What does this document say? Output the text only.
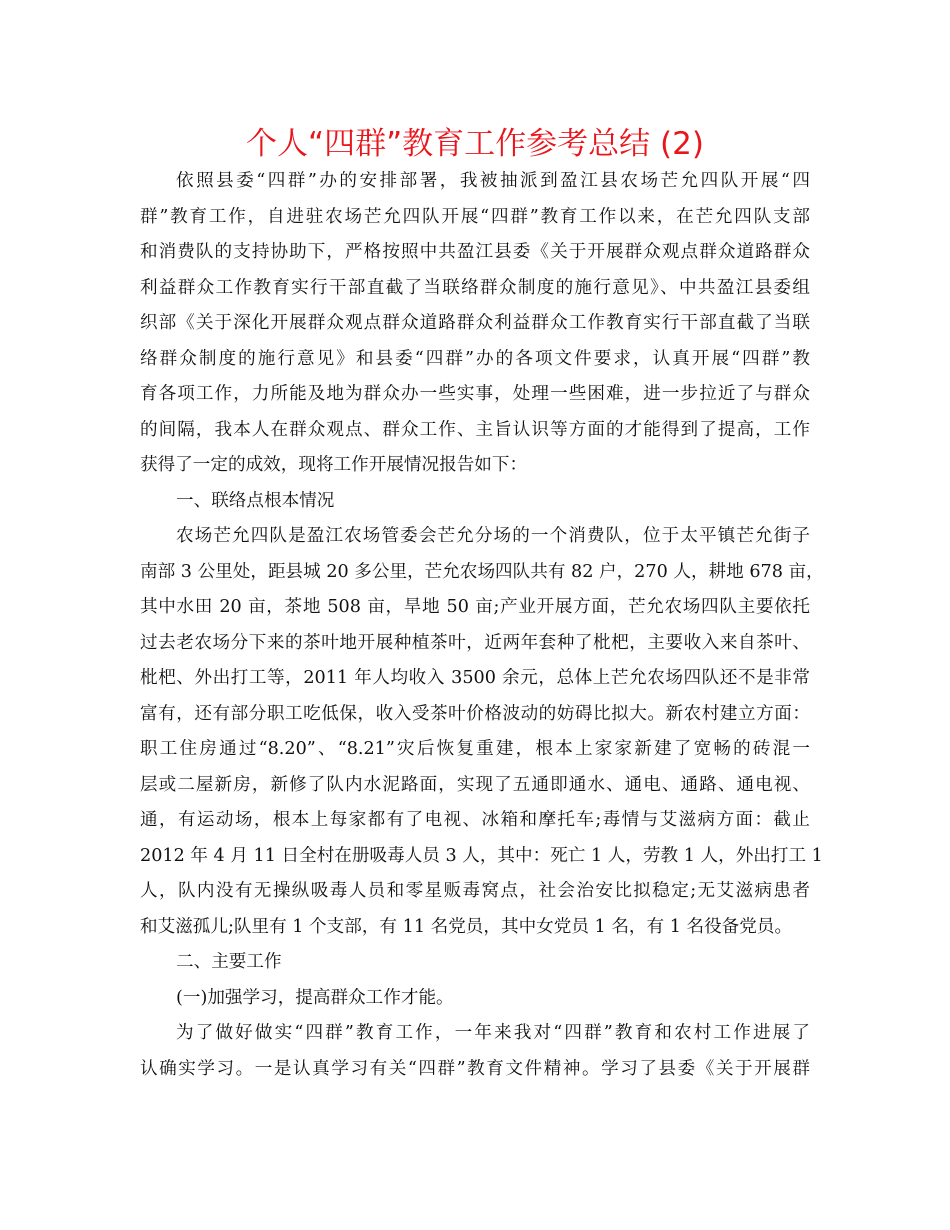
个人“四群”教育工作参考总结 (2)
依照县委“四群”办的安排部署，我被抽派到盈江县农场芒允四队开展“四
群”教育工作，自进驻农场芒允四队开展“四群”教育工作以来，在芒允四队支部
和消费队的支持协助下，严格按照中共盈江县委《关于开展群众观点群众道路群众
利益群众工作教育实行干部直截了当联络群众制度的施行意见》、中共盈江县委组
织部《关于深化开展群众观点群众道路群众利益群众工作教育实行干部直截了当联
络群众制度的施行意见》和县委“四群”办的各项文件要求，认真开展“四群”教
育各项工作，力所能及地为群众办一些实事，处理一些困难，进一步拉近了与群众
的间隔，我本人在群众观点、群众工作、主旨认识等方面的才能得到了提高，工作
获得了一定的成效，现将工作开展情况报告如下：
一、联络点根本情况
农场芒允四队是盈江农场管委会芒允分场的一个消费队，位于太平镇芒允街子
南部 3 公里处，距县城 20 多公里，芒允农场四队共有 82 户，270 人，耕地 678 亩，
其中水田 20 亩，茶地 508 亩，旱地 50 亩;产业开展方面，芒允农场四队主要依托
过去老农场分下来的茶叶地开展种植茶叶，近两年套种了枇杷，主要收入来自茶叶、
枇杷、外出打工等，2011 年人均收入 3500 余元，总体上芒允农场四队还不是非常
富有，还有部分职工吃低保，收入受茶叶价格波动的妨碍比拟大。新农村建立方面：
职工住房通过“8.20”、“8.21”灾后恢复重建，根本上家家新建了宽畅的砖混一
层或二屋新房，新修了队内水泥路面，实现了五通即通水、通电、通路、通电视、
通，有运动场，根本上每家都有了电视、冰箱和摩托车;毒情与艾滋病方面：截止
2012 年 4 月 11 日全村在册吸毒人员 3 人，其中：死亡 1 人，劳教 1 人，外出打工 1
人，队内没有无操纵吸毒人员和零星贩毒窝点，社会治安比拟稳定;无艾滋病患者
和艾滋孤儿;队里有 1 个支部，有 11 名党员，其中女党员 1 名，有 1 名役备党员。
二、主要工作
(一)加强学习，提高群众工作才能。
为了做好做实“四群”教育工作，一年来我对“四群”教育和农村工作进展了
认确实学习。一是认真学习有关“四群”教育文件精神。学习了县委《关于开展群
